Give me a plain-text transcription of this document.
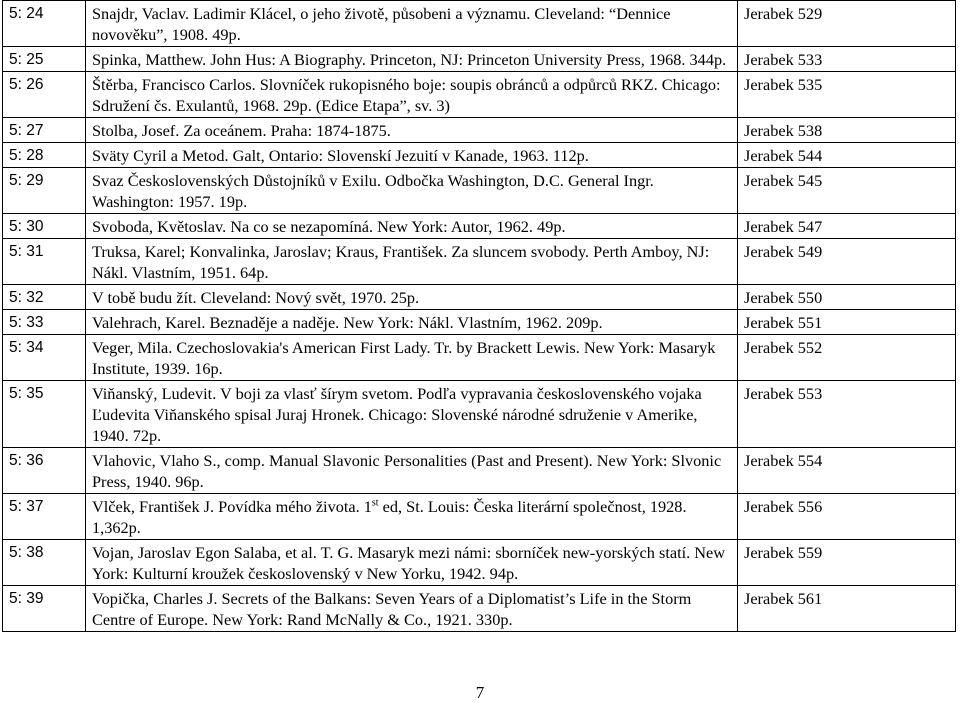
5: 24	Snajdr, Vaclav. Ladimir Klácel, o jeho životě, působeni a významu. Cleveland: “Dennice novověku”, 1908. 49p.	Jerabek 529
5: 25	Spinka, Matthew. John Hus: A Biography. Princeton, NJ: Princeton University Press, 1968. 344p.	Jerabek 533
5: 26	Štěrba, Francisco Carlos. Slovníček rukopisného boje: soupis obránců a odpůrců RKZ. Chicago: Sdružení čs. Exulantů, 1968. 29p. (Edice Etapa”, sv. 3)	Jerabek 535
5: 27	Stolba, Josef. Za oceánem. Praha: 1874-1875.	Jerabek 538
5: 28	Sväty Cyril a Metod. Galt, Ontario: Slovenskí Jezuití v Kanade, 1963. 112p.	Jerabek 544
5: 29	Svaz Československých Důstojníků v Exilu. Odbočka Washington, D.C. General Ingr. Washington: 1957. 19p.	Jerabek 545
5: 30	Svoboda, Květoslav. Na co se nezapomíná. New York: Autor, 1962. 49p.	Jerabek 547
5: 31	Truksa, Karel; Konvalinka, Jaroslav; Kraus, František. Za sluncem svobody. Perth Amboy, NJ: Nákl. Vlastním, 1951. 64p.	Jerabek 549
5: 32	V tobě budu žít. Cleveland: Nový svět, 1970. 25p.	Jerabek 550
5: 33	Valehrach, Karel. Beznaděje a naděje. New York: Nákl. Vlastním, 1962. 209p.	Jerabek 551
5: 34	Veger, Mila. Czechoslovakia's American First Lady. Tr. by Brackett Lewis. New York: Masaryk Institute, 1939. 16p.	Jerabek 552
5: 35	Viňanský, Ludevit. V boji za vlasť šírym svetom. Podľa vypravania československého vojaka Ľudevita Viňanského spisal Juraj Hronek. Chicago: Slovenské národné sdruženie v Amerike, 1940. 72p.	Jerabek 553
5: 36	Vlahovic, Vlaho S., comp. Manual Slavonic Personalities (Past and Present). New York: Slvonic Press, 1940. 96p.	Jerabek 554
5: 37	Vlček, František J. Povídka mého života. 1st ed, St. Louis: Česka literární společnost, 1928. 1,362p.	Jerabek 556
5: 38	Vojan, Jaroslav Egon Salaba, et al. T. G. Masaryk mezi námi: sborníček new-yorských statí. New York: Kulturní kroužek československý v New Yorku, 1942. 94p.	Jerabek 559
5: 39	Vopička, Charles J. Secrets of the Balkans: Seven Years of a Diplomatist’s Life in the Storm Centre of Europe. New York: Rand McNally & Co., 1921. 330p.	Jerabek 561
7
